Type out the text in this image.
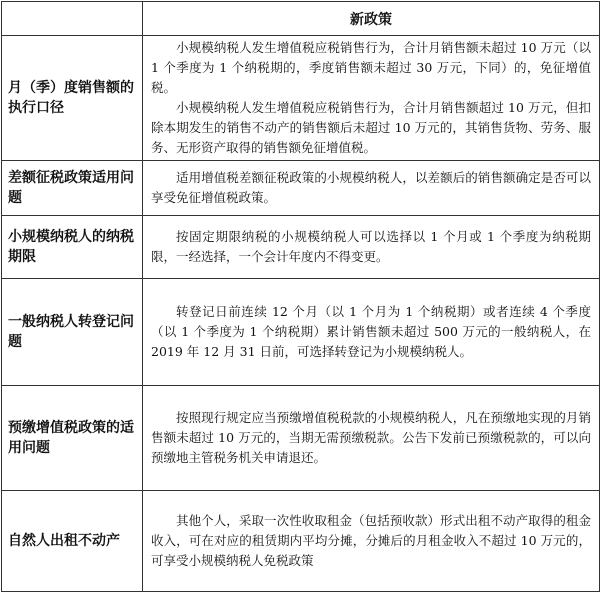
	新政策
月（季）度销售额的执行口径	小规模纳税人发生增值税应税销售行为，合计月销售额未超过 10 万元（以 1 个季度为 1 个纳税期的，季度销售额未超过 30 万元，下同）的，免征增值税。

小规模纳税人发生增值税应税销售行为，合计月销售额超过 10 万元，但扣除本期发生的销售不动产的销售额后未超过 10 万元的，其销售货物、劳务、服务、无形资产取得的销售额免征增值税。

差额征税政策适用问题	适用增值税差额征税政策的小规模纳税人，以差额后的销售额确定是否可以享受免征增值税政策。

小规模纳税人的纳税期限	按固定期限纳税的小规模纳税人可以选择以 1 个月或 1 个季度为纳税期限，一经选择，一个会计年度内不得变更。

一般纳税人转登记问题	转登记日前连续 12 个月（以 1 个月为 1 个纳税期）或者连续 4 个季度（以 1 个季度为 1 个纳税期）累计销售额未超过 500 万元的一般纳税人，在 2019 年 12 月 31 日前，可选择转登记为小规模纳税人。

预缴增值税政策的适用问题	按照现行规定应当预缴增值税税款的小规模纳税人，凡在预缴地实现的月销售额未超过 10 万元的，当期无需预缴税款。公告下发前已预缴税款的，可以向预缴地主管税务机关申请退还。

自然人出租不动产	其他个人，采取一次性收取租金（包括预收款）形式出租不动产取得的租金收入，可在对应的租赁期内平均分摊，分摊后的月租金收入不超过 10 万元的，可享受小规模纳税人免税政策
